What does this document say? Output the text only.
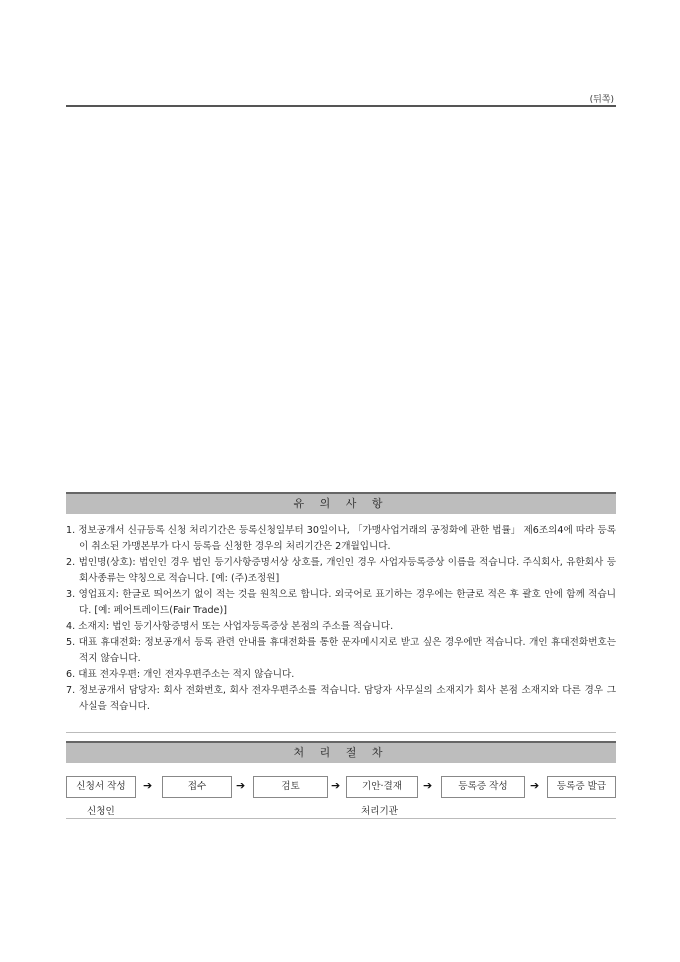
(뒤쪽)
유 의 사 항
1. 정보공개서 신규등록 신청 처리기간은 등록신청일부터 30일이나, 「가맹사업거래의 공정화에 관한 법률」 제6조의4에 따라 등록이 취소된 가맹본부가 다시 등록을 신청한 경우의 처리기간은 2개월입니다.
2. 법인명(상호): 법인인 경우 법인 등기사항증명서상 상호를, 개인인 경우 사업자등록증상 이름을 적습니다. 주식회사, 유한회사 등 회사종류는 약칭으로 적습니다. [예: (주)조정원]
3. 영업표지: 한글로 띄어쓰기 없이 적는 것을 원칙으로 합니다. 외국어로 표기하는 경우에는 한글로 적은 후 괄호 안에 함께 적습니다. [예: 페어트레이드(Fair Trade)]
4. 소재지: 법인 등기사항증명서 또는 사업자등록증상 본점의 주소를 적습니다.
5. 대표 휴대전화: 정보공개서 등록 관련 안내를 휴대전화를 통한 문자메시지로 받고 싶은 경우에만 적습니다. 개인 휴대전화번호는 적지 않습니다.
6. 대표 전자우편: 개인 전자우편주소는 적지 않습니다.
7. 정보공개서 담당자: 회사 전화번호, 회사 전자우편주소를 적습니다. 담당자 사무실의 소재지가 회사 본점 소재지와 다른 경우 그 사실을 적습니다.
처 리 절 차
신청서 작성	➔	접수	➔	검토	➔	기안·결재	➔	등록증 작성	➔	등록증 발급
신청인	처리기관
